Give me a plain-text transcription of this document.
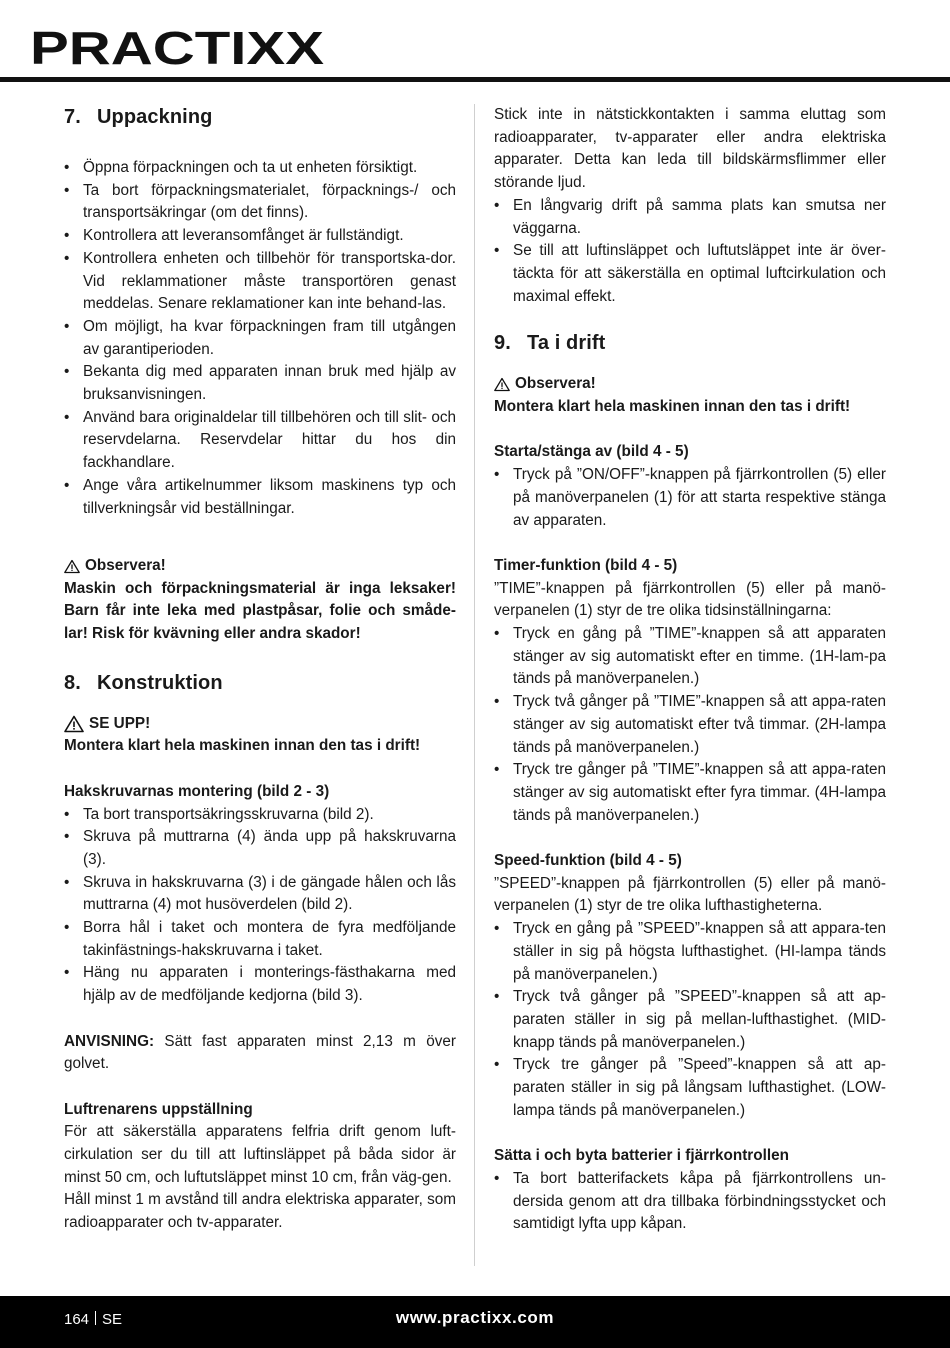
PRACTIXX
7. Uppackning
• Öppna förpackningen och ta ut enheten försiktigt.
• Ta bort förpackningsmaterialet, förpacknings-/ och transportsäkringar (om det finns).
• Kontrollera att leveransomfånget är fullständigt.
• Kontrollera enheten och tillbehör för transportska-dor. Vid reklammationer måste transportören genast meddelas. Senare reklamationer kan inte behand-las.
• Om möjligt, ha kvar förpackningen fram till utgången av garantiperioden.
• Bekanta dig med apparaten innan bruk med hjälp av bruksanvisningen.
• Använd bara originaldelar till tillbehören och till slit- och reservdelarna. Reservdelar hittar du hos din fackhandlare.
• Ange våra artikelnummer liksom maskinens typ och tillverkningsår vid beställningar.
Observera!

Maskin och förpackningsmaterial är inga leksaker! Barn får inte leka med plastpåsar, folie och småde-lar! Risk för kvävning eller andra skador!

8. Konstruktion
SE UPP!

Montera klart hela maskinen innan den tas i drift!

Hakskruvarnas montering (bild 2 - 3)

• Ta bort transportsäkringsskruvarna (bild 2).
• Skruva på muttrarna (4) ända upp på hakskruvarna (3).
• Skruva in hakskruvarna (3) i de gängade hålen och lås muttrarna (4) mot husöverdelen (bild 2).
• Borra hål i taket och montera de fyra medföljande takinfästnings-hakskruvarna i taket.
• Häng nu apparaten i monterings-fästhakarna med hjälp av de medföljande kedjorna (bild 3).

ANVISNING: Sätt fast apparaten minst 2,13 m över golvet.

Luftrenarens uppställning

För att säkerställa apparatens felfria drift genom luft-cirkulation ser du till att luftinsläppet på båda sidor är minst 50 cm, och luftutsläppet minst 10 cm, från väg-gen.

Håll minst 1 m avstånd till andra elektriska apparater, som radioapparater och tv-apparater.

Stick inte in nätstickkontakten i samma eluttag som radioapparater, tv-apparater eller andra elektriska apparater. Detta kan leda till bildskärmsflimmer eller störande ljud.

• En långvarig drift på samma plats kan smutsa ner väggarna.
• Se till att luftinsläppet och luftutsläppet inte är över-täckta för att säkerställa en optimal luftcirkulation och maximal effekt.
9. Ta i drift
Observera!

Montera klart hela maskinen innan den tas i drift!

Starta/stänga av (bild 4 - 5)

• Tryck på ”ON/OFF”-knappen på fjärrkontrollen (5) eller på manöverpanelen (1) för att starta respektive stänga av apparaten.

Timer-funktion (bild 4 - 5)

”TIME”-knappen på fjärrkontrollen (5) eller på manö-verpanelen (1) styr de tre olika tidsinställningarna:

• Tryck en gång på ”TIME”-knappen så att apparaten stänger av sig automatiskt efter en timme. (1H-lam-pa tänds på manöverpanelen.)
• Tryck två gånger på ”TIME”-knappen så att appa-raten stänger av sig automatiskt efter två timmar. (2H-lampa tänds på manöverpanelen.)
• Tryck tre gånger på ”TIME”-knappen så att appa-raten stänger av sig automatiskt efter fyra timmar. (4H-lampa tänds på manöverpanelen.)

Speed-funktion (bild 4 - 5)

”SPEED”-knappen på fjärrkontrollen (5) eller på manö-verpanelen (1) styr de tre olika lufthastigheterna.

• Tryck en gång på ”SPEED”-knappen så att appara-ten ställer in sig på högsta lufthastighet. (HI-lampa tänds på manöverpanelen.)
• Tryck två gånger på ”SPEED”-knappen så att ap-paraten ställer in sig på mellan-lufthastighet. (MID-knapp tänds på manöverpanelen.)
• Tryck tre gånger på ”Speed”-knappen så att ap-paraten ställer in sig på långsam lufthastighet. (LOW-lampa tänds på manöverpanelen.)

Sätta i och byta batterier i fjärrkontrollen

• Ta bort batterifackets kåpa på fjärrkontrollens un-dersida genom att dra tillbaka förbindningsstycket och samtidigt lyfta upp kåpan.
164 SE	www.practixx.com
